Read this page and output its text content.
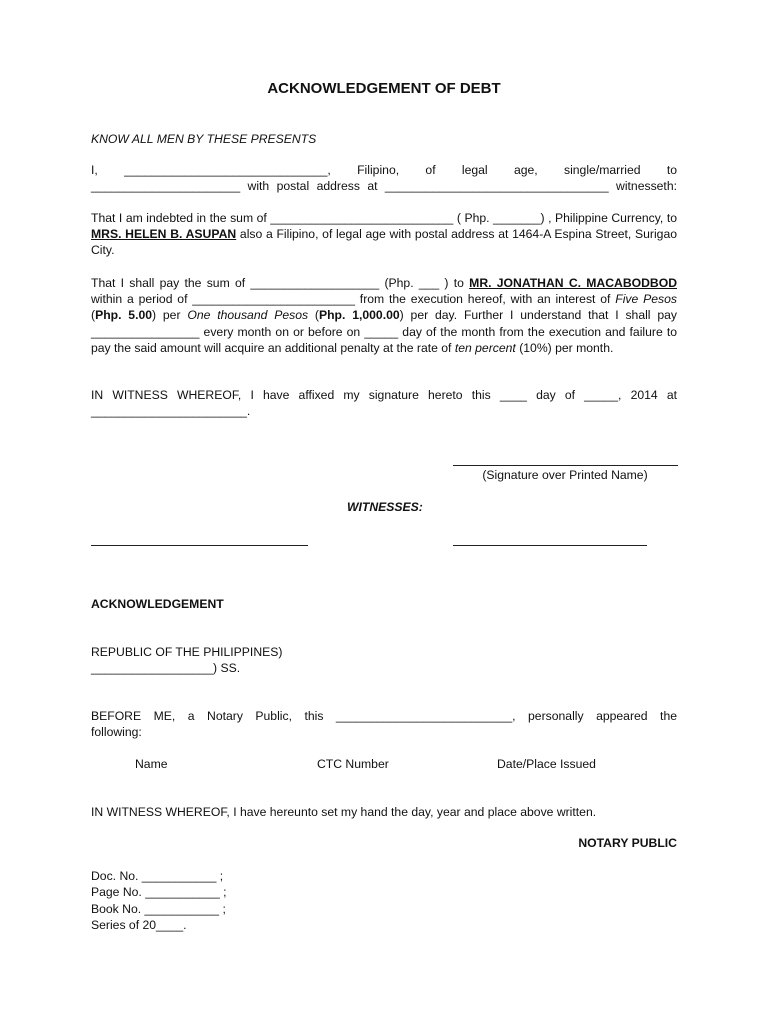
ACKNOWLEDGEMENT OF DEBT
KNOW ALL MEN BY THESE PRESENTS
I, ______________________________, Filipino, of legal age, single/married to
______________________ with postal address at _________________________________ witnesseth:
That I am indebted in the sum of ___________________________ ( Php. _______) , Philippine Currency, to MRS. HELEN B. ASUPAN also a Filipino, of legal age with postal address at 1464-A Espina Street, Surigao City.
That I shall pay the sum of ___________________ (Php. ___ ) to MR. JONATHAN C. MACABODBOD within a period of ________________________ from the execution hereof, with an interest of Five Pesos (Php. 5.00) per One thousand Pesos (Php. 1,000.00) per day. Further I understand that I shall pay ________________ every month on or before on _____ day of the month from the execution and failure to pay the said amount will acquire an additional penalty at the rate of ten percent (10%) per month.
IN WITNESS WHEREOF, I have affixed my signature hereto this ____ day of _____, 2014 at
_______________________.
(Signature over Printed Name)
WITNESSES:
ACKNOWLEDGEMENT
REPUBLIC OF THE PHILIPPINES)
__________________) SS.
BEFORE ME, a Notary Public, this __________________________, personally appeared the
following:
Name	CTC Number	Date/Place Issued
IN WITNESS WHEREOF, I have hereunto set my hand the day, year and place above written.
NOTARY PUBLIC
Doc. No. ___________ ;
Page No. ___________ ;
Book No. ___________ ;
Series of 20____.
